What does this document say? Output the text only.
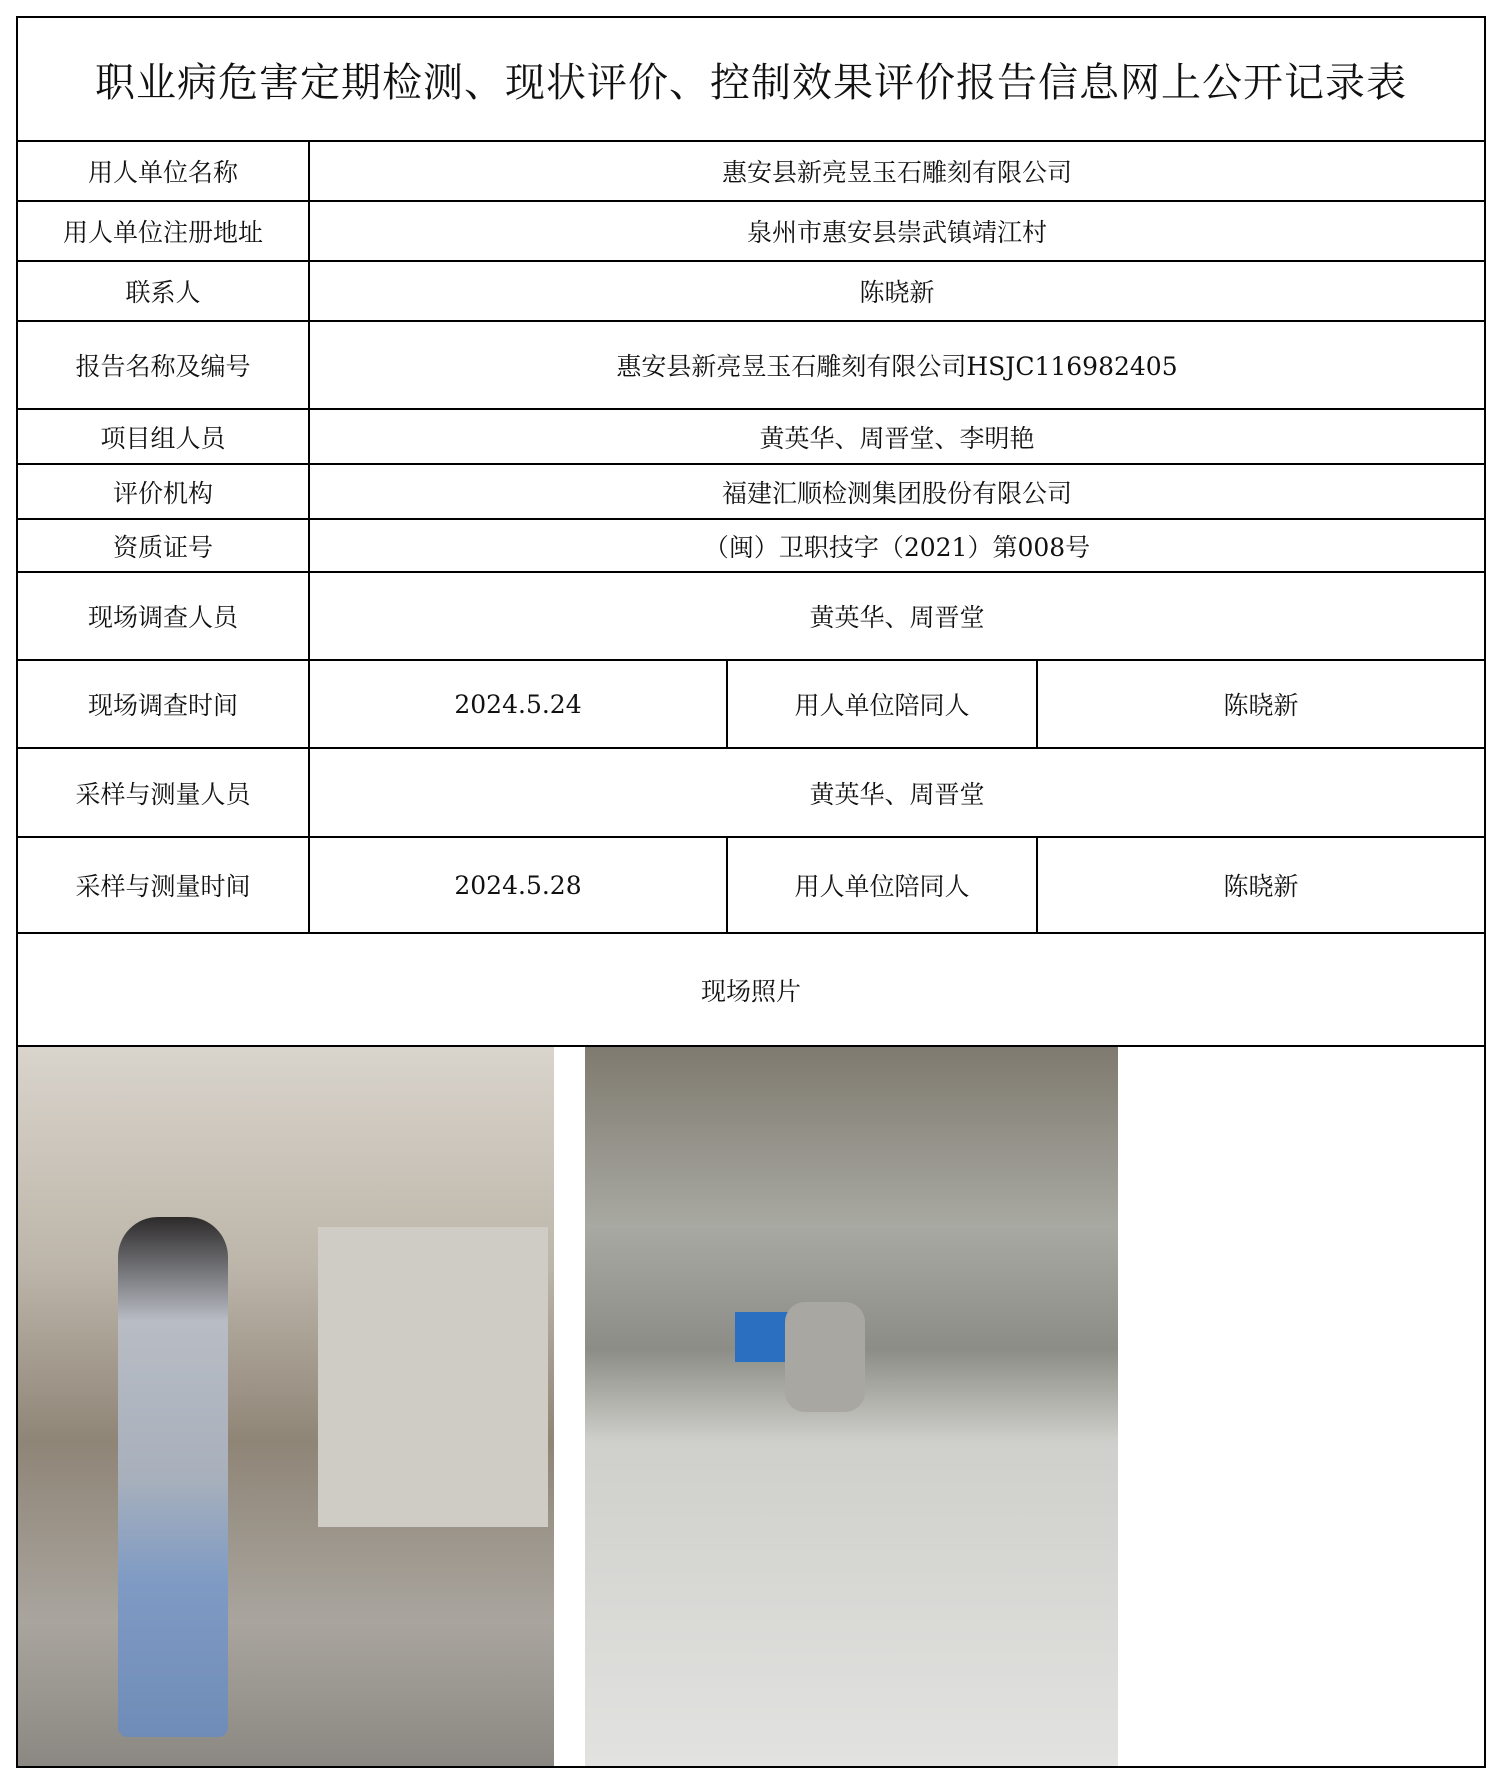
职业病危害定期检测、现状评价、控制效果评价报告信息网上公开记录表
用人单位名称	惠安县新亮昱玉石雕刻有限公司
用人单位注册地址	泉州市惠安县崇武镇靖江村
联系人	陈晓新
报告名称及编号	惠安县新亮昱玉石雕刻有限公司HSJC116982405
项目组人员	黄英华、周晋堂、李明艳
评价机构	福建汇顺检测集团股份有限公司
资质证号	（闽）卫职技字（2021）第008号
现场调查人员	黄英华、周晋堂
现场调查时间	2024.5.24	用人单位陪同人	陈晓新
采样与测量人员	黄英华、周晋堂
采样与测量时间	2024.5.28	用人单位陪同人	陈晓新
现场照片
